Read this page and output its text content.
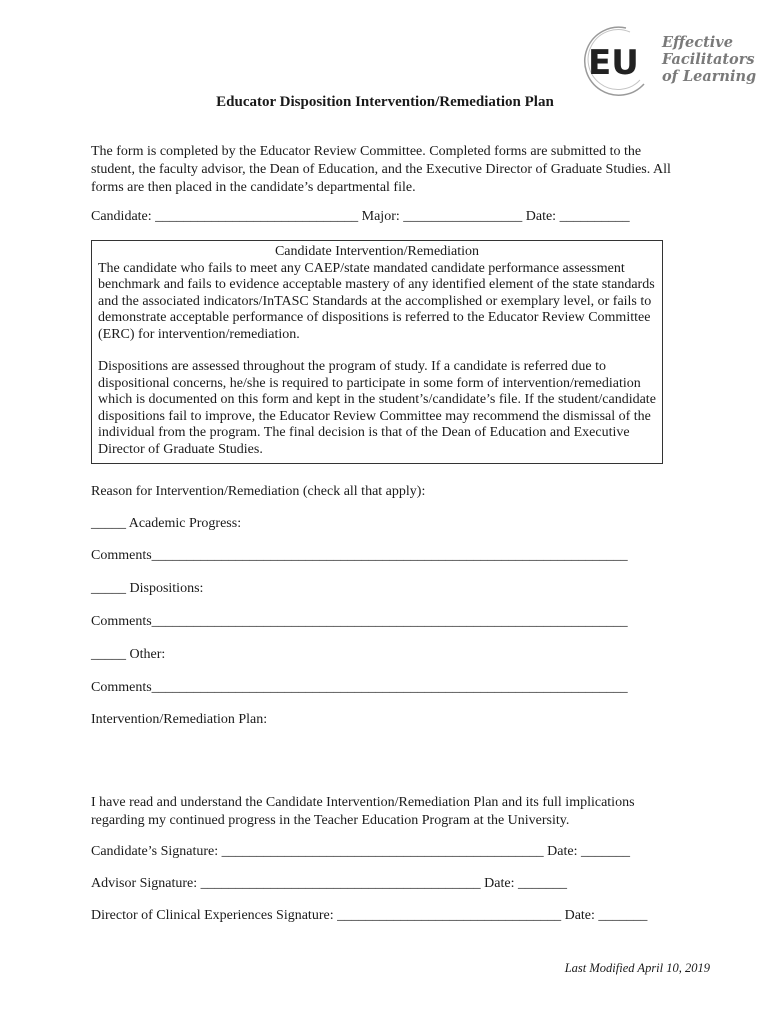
EU
Effective
Facilitators
of Learning
Educator Disposition Intervention/Remediation Plan
The form is completed by the Educator Review Committee. Completed forms are submitted to the student, the faculty advisor, the Dean of Education, and the Executive Director of Graduate Studies. All forms are then placed in the candidate’s departmental file.
Candidate: _____________________________ Major: _________________ Date: __________
Candidate Intervention/Remediation

The candidate who fails to meet any CAEP/state mandated candidate performance assessment benchmark and fails to evidence acceptable mastery of any identified element of the state standards and the associated indicators/InTASC Standards at the accomplished or exemplary level, or fails to demonstrate acceptable performance of dispositions is referred to the Educator Review Committee (ERC) for intervention/remediation.

Dispositions are assessed throughout the program of study. If a candidate is referred due to dispositional concerns, he/she is required to participate in some form of intervention/remediation which is documented on this form and kept in the student’s/candidate’s file. If the student/candidate dispositions fail to improve, the Educator Review Committee may recommend the dismissal of the individual from the program. The final decision is that of the Dean of Education and Executive Director of Graduate Studies.

Reason for Intervention/Remediation (check all that apply):
_____ Academic Progress:
Comments____________________________________________________________________
_____ Dispositions:
Comments____________________________________________________________________
_____ Other:
Comments____________________________________________________________________
Intervention/Remediation Plan:
I have read and understand the Candidate Intervention/Remediation Plan and its full implications regarding my continued progress in the Teacher Education Program at the University.
Candidate’s Signature: ______________________________________________ Date: _______
Advisor Signature: ________________________________________ Date: _______
Director of Clinical Experiences Signature: ________________________________ Date: _______
Last Modified April 10, 2019
